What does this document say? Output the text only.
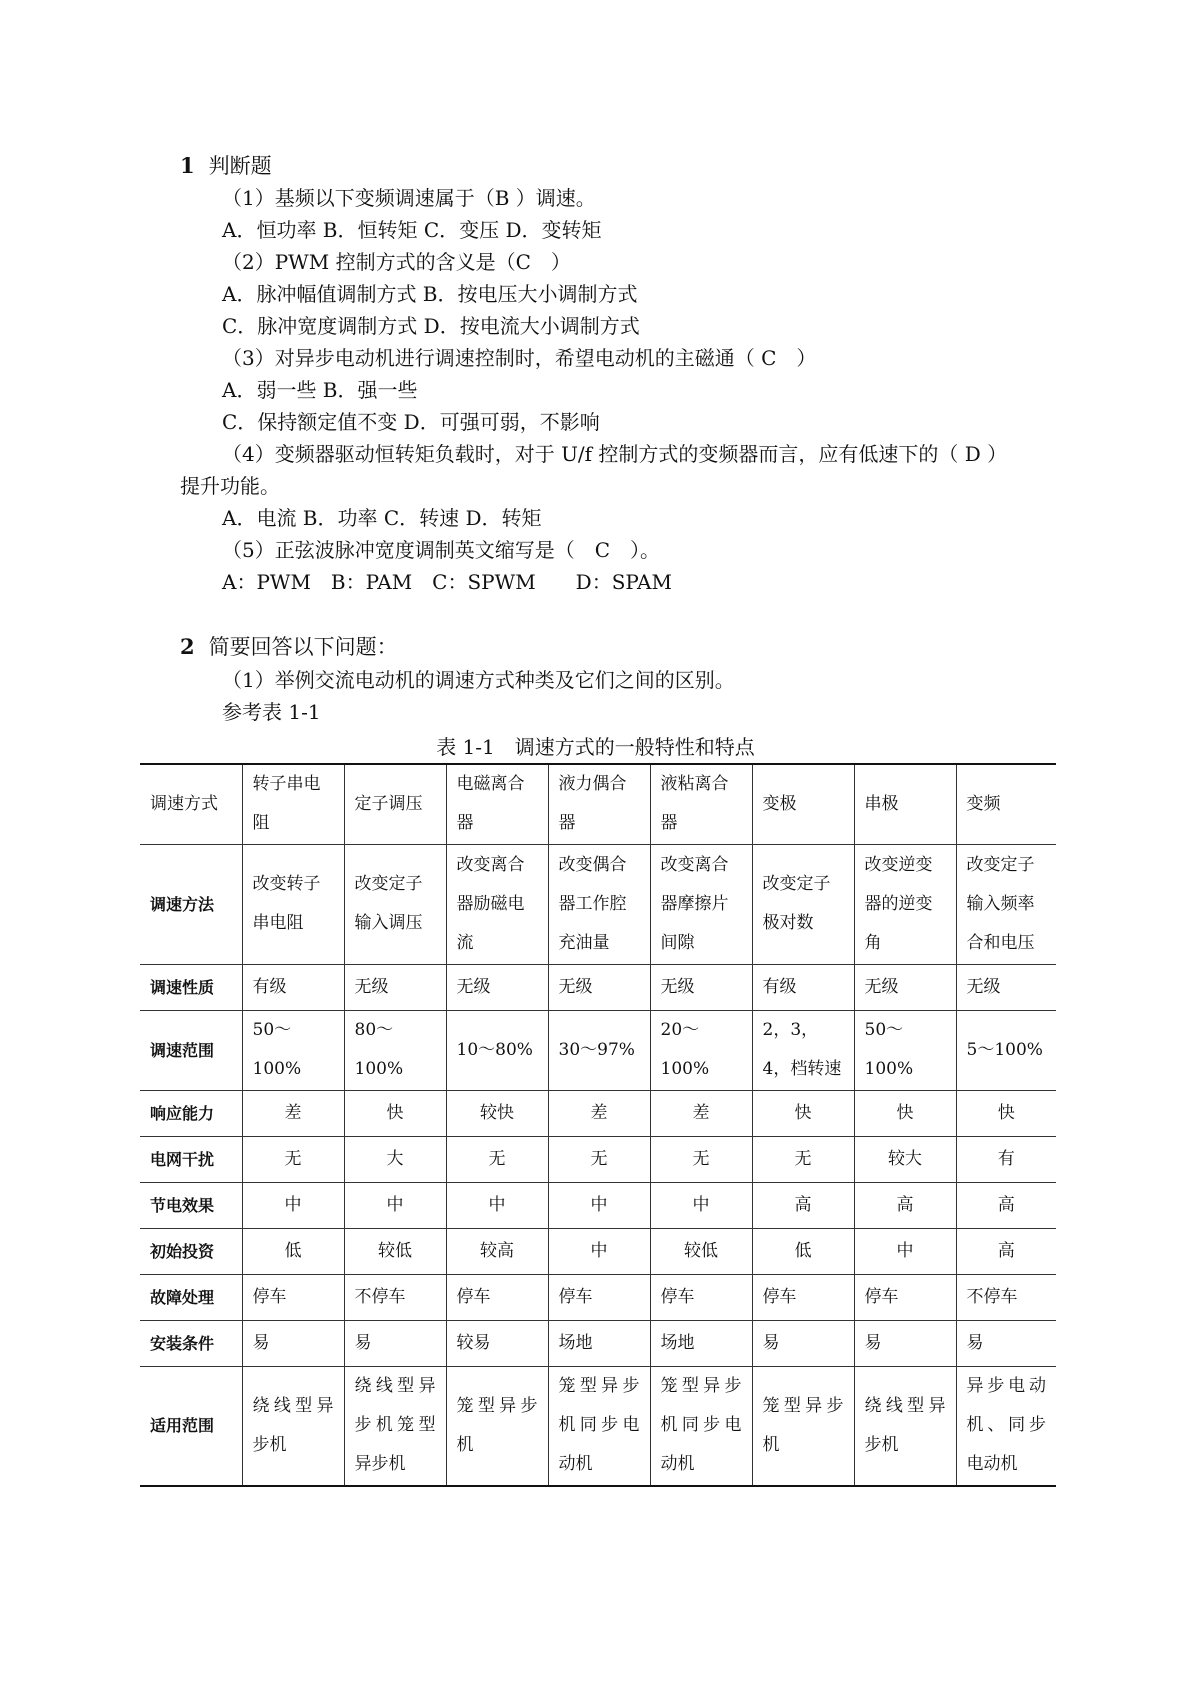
1 判断题
（1）基频以下变频调速属于（B ）调速。
A．恒功率 B．恒转矩 C．变压 D．变转矩
（2）PWM 控制方式的含义是（C　）
A．脉冲幅值调制方式 B．按电压大小调制方式
C．脉冲宽度调制方式 D．按电流大小调制方式
（3）对异步电动机进行调速控制时，希望电动机的主磁通（ C　）
A．弱一些 B．强一些
C．保持额定值不变 D．可强可弱，不影响
（4）变频器驱动恒转矩负载时，对于 U/f 控制方式的变频器而言，应有低速下的（ D ）
提升功能。
A．电流 B．功率 C．转速 D．转矩
（5）正弦波脉冲宽度调制英文缩写是（　C　）。
A：PWM　B：PAM　C：SPWM　　D：SPAM
2 简要回答以下问题：
（1）举例交流电动机的调速方式种类及它们之间的区别。
参考表 1-1
表 1-1　调速方式的一般特性和特点
调速方式	转子串电阻	定子调压	电磁离合器	液力偶合器	液粘离合器	变极	串极	变频
调速方法	改变转子串电阻	改变定子输入调压	改变离合器励磁电流	改变偶合器工作腔充油量	改变离合器摩擦片间隙	改变定子极对数	改变逆变器的逆变角	改变定子输入频率合和电压
调速性质	有级	无级	无级	无级	无级	有级	无级	无级
调速范围	50～100%	80～100%	10～80%	30～97%	20～100%	2，3，4，档转速	50～100%	5～100%
响应能力	差	快	较快	差	差	快	快	快
电网干扰	无	大	无	无	无	无	较大	有
节电效果	中	中	中	中	中	高	高	高
初始投资	低	较低	较高	中	较低	低	中	高
故障处理	停车	不停车	停车	停车	停车	停车	停车	不停车
安装条件	易	易	较易	场地	场地	易	易	易
适用范围	绕线型异步机	绕线型异步机笼型异步机	笼型异步机	笼型异步机同步电动机	笼型异步机同步电动机	笼型异步机	绕线型异步机	异步电动机、同步电动机
